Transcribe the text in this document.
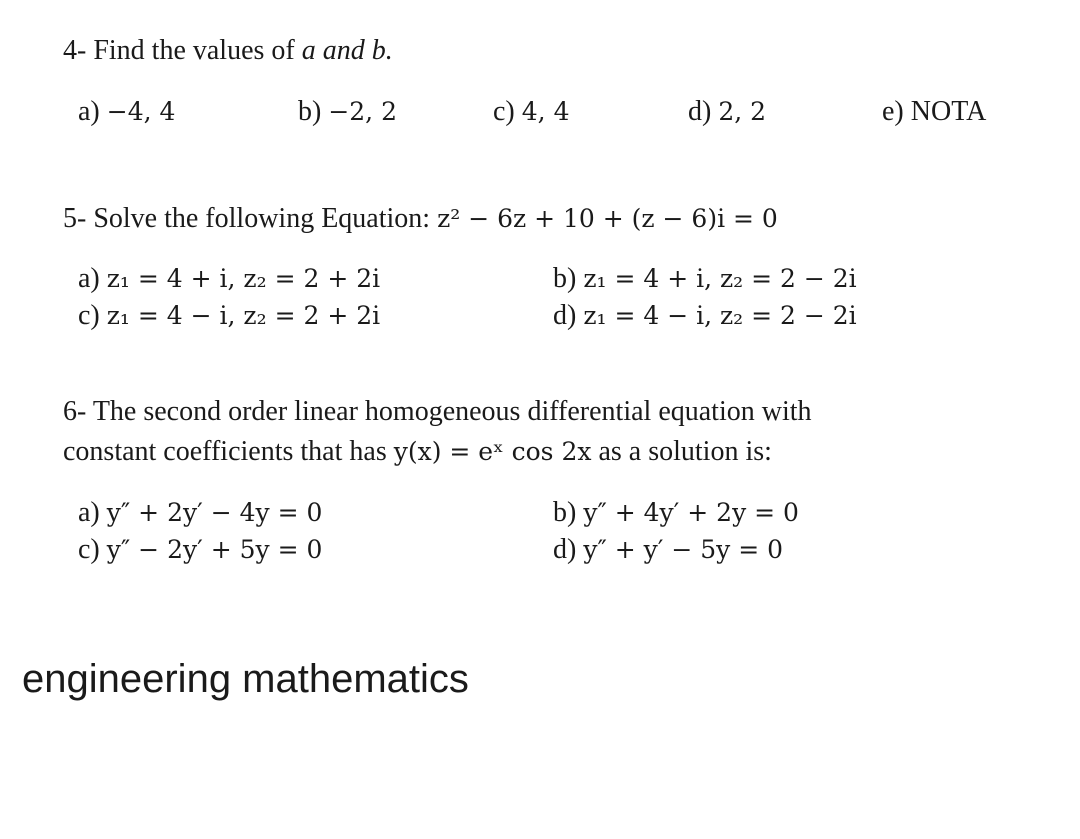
4- Find the values of a and b.
a) −4, 4	b) −2, 2	c) 4, 4	d) 2, 2	e) NOTA
5- Solve the following Equation: z² − 6z + 10 + (z − 6)i = 0
a) z₁ = 4 + i, z₂ = 2 + 2i	b) z₁ = 4 + i, z₂ = 2 − 2i
c) z₁ = 4 − i, z₂ = 2 + 2i	d) z₁ = 4 − i, z₂ = 2 − 2i
6- The second order linear homogeneous differential equation with
constant coefficients that has y(x) = eˣ cos 2x as a solution is:
a) y″ + 2y′ − 4y = 0	b) y″ + 4y′ + 2y = 0
c) y″ − 2y′ + 5y = 0	d) y″ + y′ − 5y = 0
engineering mathematics
